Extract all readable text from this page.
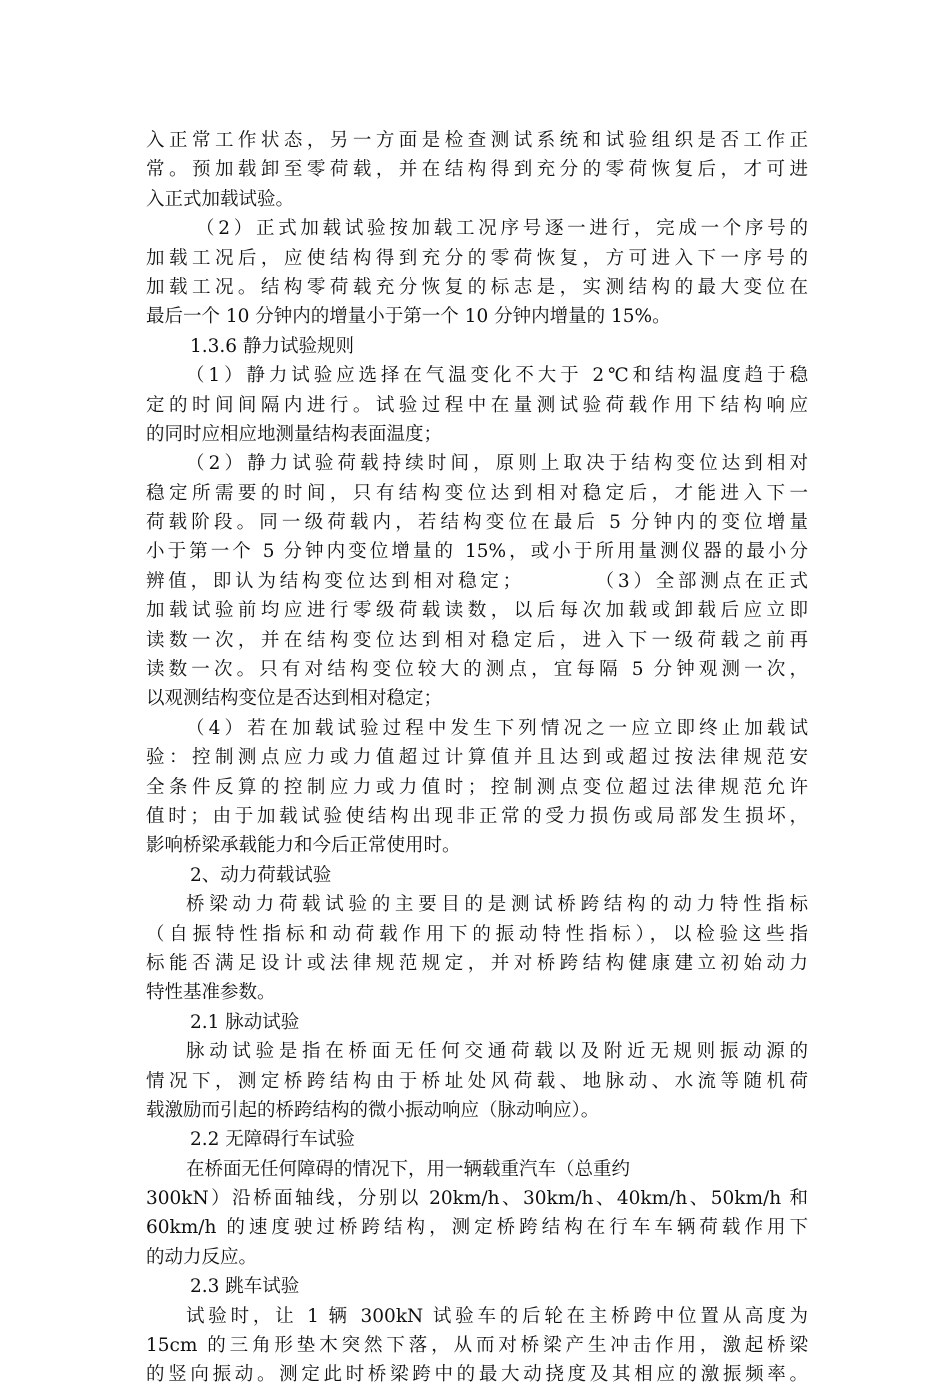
入正常工作状态，另一方面是检查测试系统和试验组织是否工作正
常。预加载卸至零荷载，并在结构得到充分的零荷恢复后，才可进
入正式加载试验。
（2）正式加载试验按加载工况序号逐一进行，完成一个序号的
加载工况后，应使结构得到充分的零荷恢复，方可进入下一序号的
加载工况。结构零荷载充分恢复的标志是，实测结构的最大变位在
最后一个 10 分钟内的增量小于第一个 10 分钟内增量的 15%。
1.3.6 静力试验规则
（1）静力试验应选择在气温变化不大于 2℃和结构温度趋于稳
定的时间间隔内进行。试验过程中在量测试验荷载作用下结构响应
的同时应相应地测量结构表面温度；
（2）静力试验荷载持续时间，原则上取决于结构变位达到相对
稳定所需要的时间，只有结构变位达到相对稳定后，才能进入下一
荷载阶段。同一级荷载内，若结构变位在最后 5 分钟内的变位增量
小于第一个 5 分钟内变位增量的 15%，或小于所用量测仪器的最小分
辨值，即认为结构变位达到相对稳定；　　　　（3）全部测点在正式
加载试验前均应进行零级荷载读数，以后每次加载或卸载后应立即
读数一次，并在结构变位达到相对稳定后，进入下一级荷载之前再
读数一次。只有对结构变位较大的测点，宜每隔 5 分钟观测一次，
以观测结构变位是否达到相对稳定；
（4）若在加载试验过程中发生下列情况之一应立即终止加载试
验：控制测点应力或力值超过计算值并且达到或超过按法律规范安
全条件反算的控制应力或力值时；控制测点变位超过法律规范允许
值时；由于加载试验使结构出现非正常的受力损伤或局部发生损坏，
影响桥梁承载能力和今后正常使用时。
2、动力荷载试验
桥梁动力荷载试验的主要目的是测试桥跨结构的动力特性指标
（自振特性指标和动荷载作用下的振动特性指标），以检验这些指
标能否满足设计或法律规范规定，并对桥跨结构健康建立初始动力
特性基准参数。
2.1 脉动试验
脉动试验是指在桥面无任何交通荷载以及附近无规则振动源的
情况下，测定桥跨结构由于桥址处风荷载、地脉动、水流等随机荷
载激励而引起的桥跨结构的微小振动响应（脉动响应）。
2.2 无障碍行车试验
在桥面无任何障碍的情况下，用一辆载重汽车（总重约
300kN）沿桥面轴线，分别以 20km/h、30km/h、40km/h、50km/h 和
60km/h 的速度驶过桥跨结构，测定桥跨结构在行车车辆荷载作用下
的动力反应。
2.3 跳车试验
试验时，让 1 辆 300kN 试验车的后轮在主桥跨中位置从高度为
15cm 的三角形垫木突然下落，从而对桥梁产生冲击作用，激起桥梁
的竖向振动。测定此时桥梁跨中的最大动挠度及其相应的激振频率。
